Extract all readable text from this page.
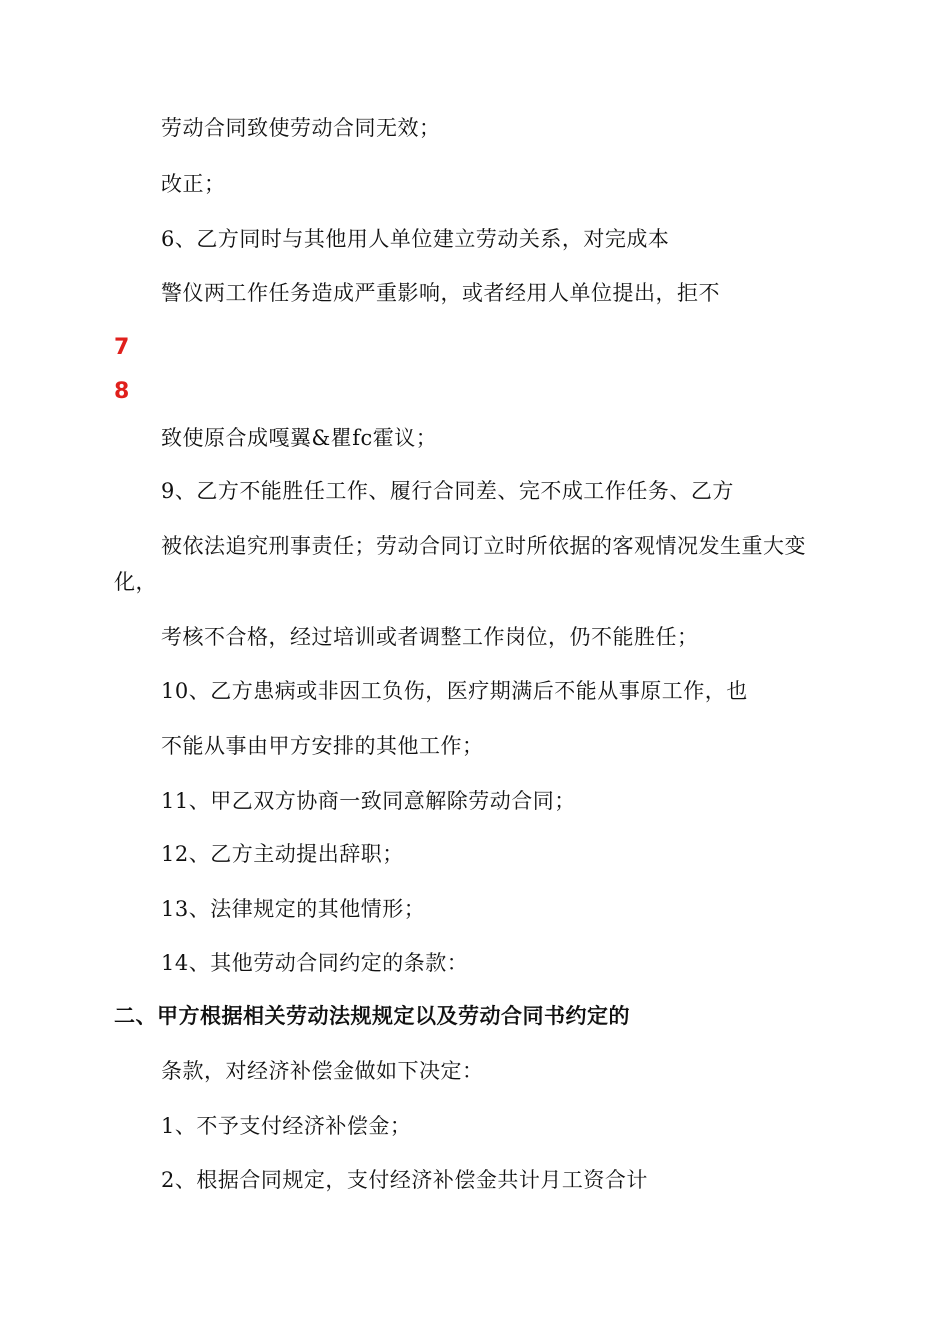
劳动合同致使劳动合同无效；
改正；
6、乙方同时与其他用人单位建立劳动关系，对完成本
警仪两工作任务造成严重影响，或者经用人单位提出，拒不
7
8
致使原合成嘎翼&瞿fc霍议；
9、乙方不能胜任工作、履行合同差、完不成工作任务、乙方
被依法追究刑事责任；劳动合同订立时所依据的客观情况发生重大变
化，
考核不合格，经过培训或者调整工作岗位，仍不能胜任；
10、乙方患病或非因工负伤，医疗期满后不能从事原工作，也
不能从事由甲方安排的其他工作；
11、甲乙双方协商一致同意解除劳动合同；
12、乙方主动提出辞职；
13、法律规定的其他情形；
14、其他劳动合同约定的条款：
二、甲方根据相关劳动法规规定以及劳动合同书约定的
条款，对经济补偿金做如下决定：
1、不予支付经济补偿金；
2、根据合同规定，支付经济补偿金共计月工资合计
